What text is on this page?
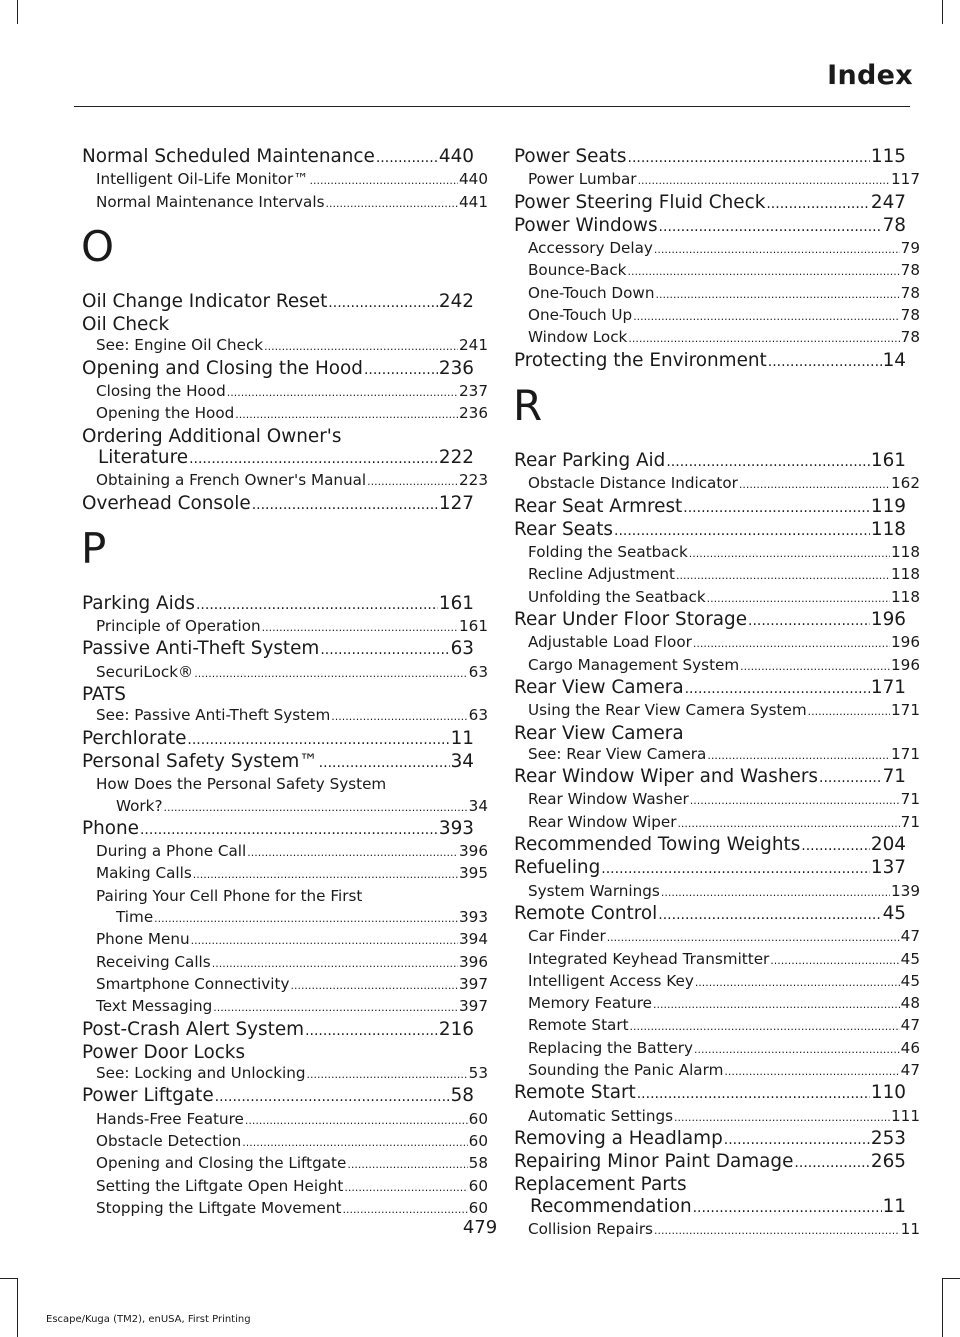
Index
Normal Scheduled Maintenance .....	440
Intelligent Oil-Life Monitor™ .....	440
Normal Maintenance Intervals .....	441
O
Oil Change Indicator Reset .....	242
Oil Check
See: Engine Oil Check .....	241
Opening and Closing the Hood .....	236
Closing the Hood .....	237
Opening the Hood .....	236
Ordering Additional Owner's
Literature .....	222
Obtaining a French Owner's Manual .....	223
Overhead Console .....	127
P
Parking Aids .....	161
Principle of Operation .....	161
Passive Anti-Theft System .....	63
SecuriLock® .....	63
PATS
See: Passive Anti-Theft System .....	63
Perchlorate .....	11
Personal Safety System™ .....	34
How Does the Personal Safety System
Work? .....	34
Phone .....	393
During a Phone Call .....	396
Making Calls .....	395
Pairing Your Cell Phone for the First
Time .....	393
Phone Menu .....	394
Receiving Calls .....	396
Smartphone Connectivity .....	397
Text Messaging .....	397
Post-Crash Alert System .....	216
Power Door Locks
See: Locking and Unlocking .....	53
Power Liftgate .....	58
Hands-Free Feature .....	60
Obstacle Detection .....	60
Opening and Closing the Liftgate .....	58
Setting the Liftgate Open Height .....	60
Stopping the Liftgate Movement .....	60
Power Seats .....	115
Power Lumbar .....	117
Power Steering Fluid Check .....	247
Power Windows .....	78
Accessory Delay .....	79
Bounce-Back .....	78
One-Touch Down .....	78
One-Touch Up .....	78
Window Lock .....	78
Protecting the Environment .....	14
R
Rear Parking Aid .....	161
Obstacle Distance Indicator .....	162
Rear Seat Armrest .....	119
Rear Seats .....	118
Folding the Seatback .....	118
Recline Adjustment .....	118
Unfolding the Seatback .....	118
Rear Under Floor Storage .....	196
Adjustable Load Floor .....	196
Cargo Management System .....	196
Rear View Camera .....	171
Using the Rear View Camera System .....	171
Rear View Camera
See: Rear View Camera .....	171
Rear Window Wiper and Washers .....	71
Rear Window Washer .....	71
Rear Window Wiper .....	71
Recommended Towing Weights .....	204
Refueling .....	137
System Warnings .....	139
Remote Control .....	45
Car Finder .....	47
Integrated Keyhead Transmitter .....	45
Intelligent Access Key .....	45
Memory Feature .....	48
Remote Start .....	47
Replacing the Battery .....	46
Sounding the Panic Alarm .....	47
Remote Start .....	110
Automatic Settings .....	111
Removing a Headlamp .....	253
Repairing Minor Paint Damage .....	265
Replacement Parts
Recommendation .....	11
Collision Repairs .....	11
479
Escape/Kuga (TM2), enUSA, First Printing
